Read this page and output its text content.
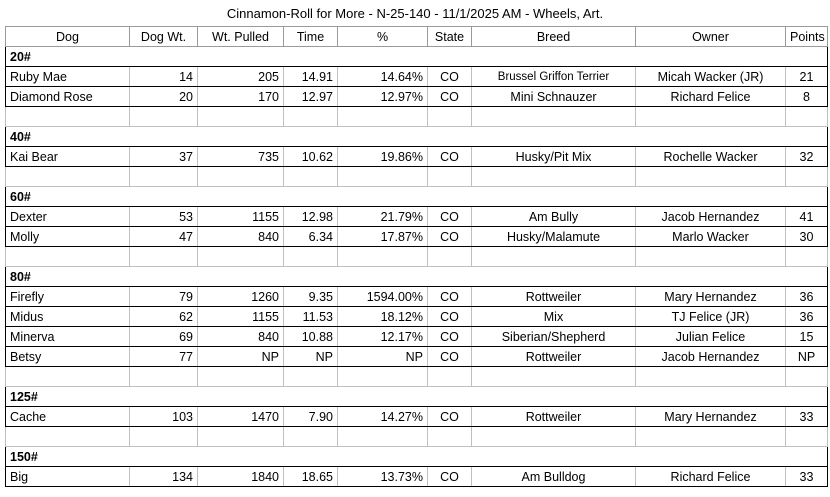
Cinnamon-Roll for More - N-25-140 - 11/1/2025 AM - Wheels, Art.
Dog	Dog Wt.	Wt. Pulled	Time	%	State	Breed	Owner	Points
20#								
Ruby Mae	14	205	14.91	14.64%	CO	Brussel Griffon Terrier	Micah Wacker (JR)	21
Diamond Rose	20	170	12.97	12.97%	CO	Mini Schnauzer	Richard Felice	8

40#								
Kai Bear	37	735	10.62	19.86%	CO	Husky/Pit Mix	Rochelle Wacker	32

60#								
Dexter	53	1155	12.98	21.79%	CO	Am Bully	Jacob Hernandez	41
Molly	47	840	6.34	17.87%	CO	Husky/Malamute	Marlo Wacker	30

80#								
Firefly	79	1260	9.35	1594.00%	CO	Rottweiler	Mary Hernandez	36
Midus	62	1155	11.53	18.12%	CO	Mix	TJ Felice (JR)	36
Minerva	69	840	10.88	12.17%	CO	Siberian/Shepherd	Julian Felice	15
Betsy	77	NP	NP	NP	CO	Rottweiler	Jacob Hernandez	NP

125#								
Cache	103	1470	7.90	14.27%	CO	Rottweiler	Mary Hernandez	33

150#								
Big	134	1840	18.65	13.73%	CO	Am Bulldog	Richard Felice	33
